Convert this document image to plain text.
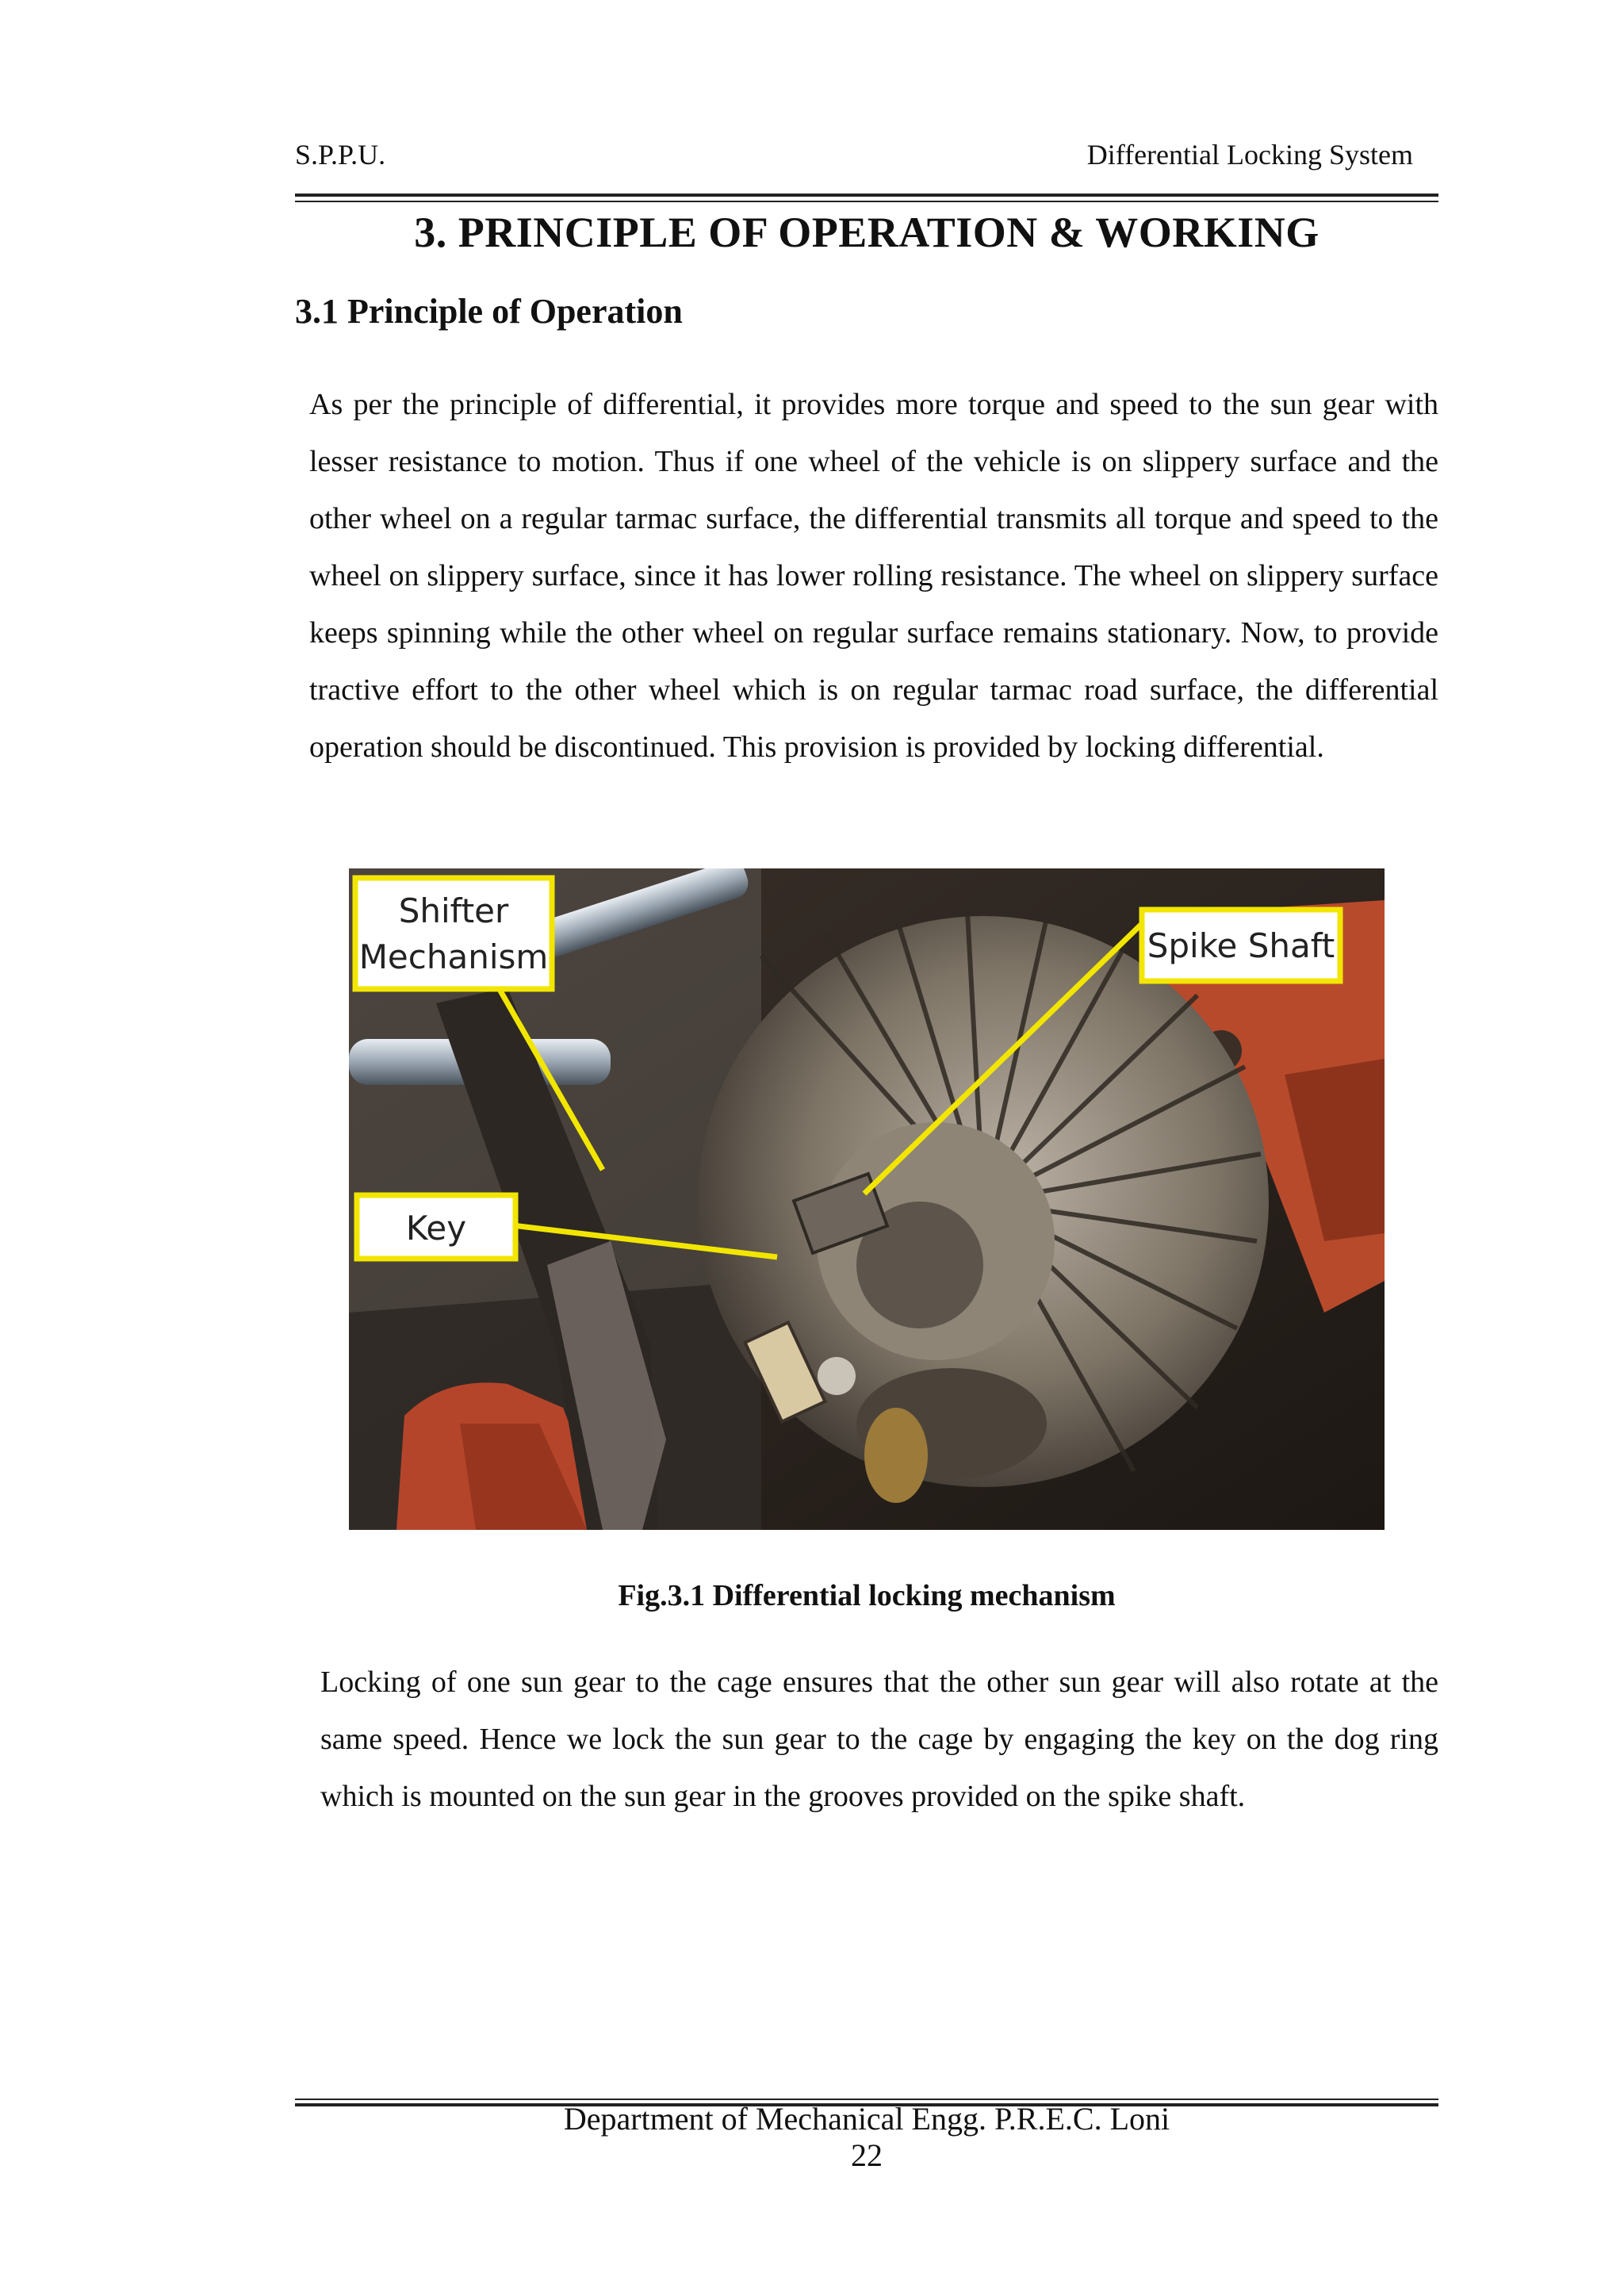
S.P.P.U.	Differential Locking System
3. PRINCIPLE OF OPERATION & WORKING
3.1 Principle of Operation

As per the principle of differential, it provides more torque and speed to the sun gear with lesser resistance to motion. Thus if one wheel of the vehicle is on slippery surface and the other wheel on a regular tarmac surface, the differential transmits all torque and speed to the wheel on slippery surface, since it has lower rolling resistance. The wheel on slippery surface keeps spinning while the other wheel on regular surface remains stationary. Now, to provide tractive effort to the other wheel which is on regular tarmac road surface, the differential operation should be discontinued. This provision is provided by locking differential.

Shifter
Mechanism	Spike Shaft
Key
Fig.3.1 Differential locking mechanism

Locking of one sun gear to the cage ensures that the other sun gear will also rotate at the same speed. Hence we lock the sun gear to the cage by engaging the key on the dog ring which is mounted on the sun gear in the grooves provided on the spike shaft.

Department of Mechanical Engg. P.R.E.C. Loni
22
